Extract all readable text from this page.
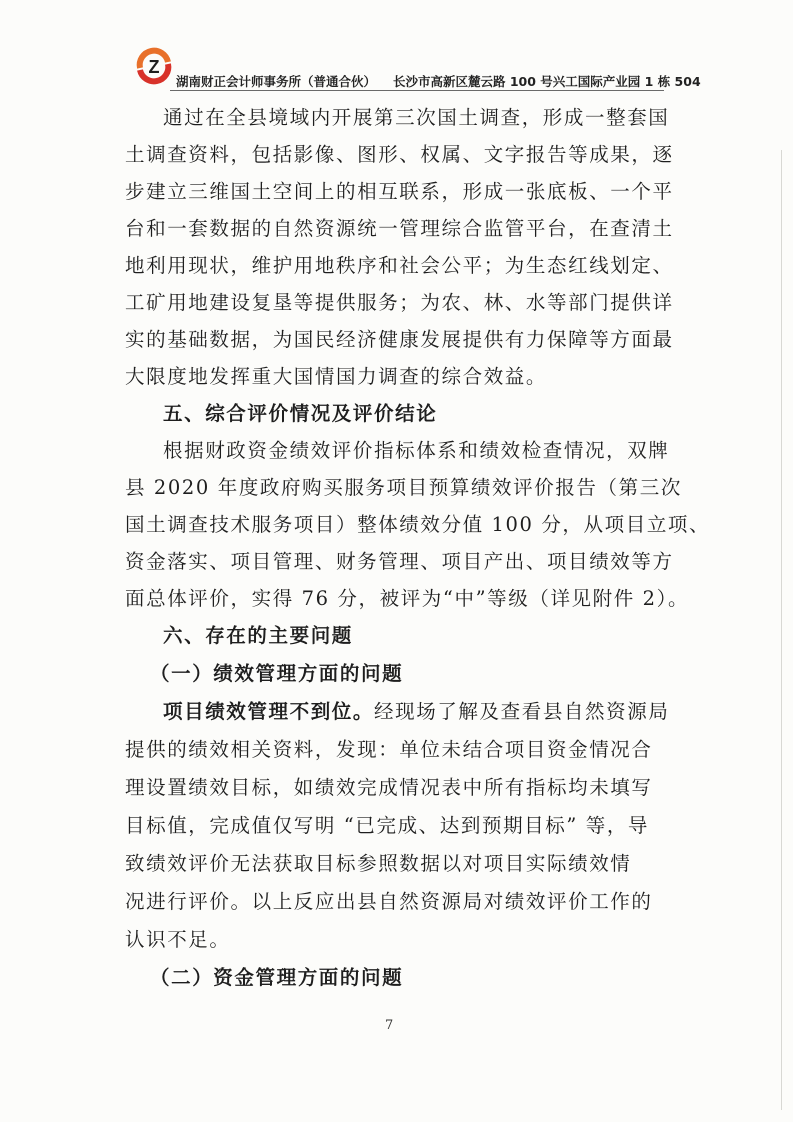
Z
湖南财正会计师事务所（普通合伙） 长沙市高新区麓云路 100 号兴工国际产业园 1 栋 504
通过在全县境域内开展第三次国土调查，形成一整套国
土调查资料，包括影像、图形、权属、文字报告等成果，逐
步建立三维国土空间上的相互联系，形成一张底板、一个平
台和一套数据的自然资源统一管理综合监管平台，在查清土
地利用现状，维护用地秩序和社会公平；为生态红线划定、
工矿用地建设复垦等提供服务；为农、林、水等部门提供详
实的基础数据，为国民经济健康发展提供有力保障等方面最
大限度地发挥重大国情国力调查的综合效益。
五、综合评价情况及评价结论
根据财政资金绩效评价指标体系和绩效检查情况，双牌
县 2020 年度政府购买服务项目预算绩效评价报告（第三次
国土调查技术服务项目）整体绩效分值 100 分，从项目立项、
资金落实、项目管理、财务管理、项目产出、项目绩效等方
面总体评价，实得 76 分，被评为“中”等级（详见附件 2）。
六、存在的主要问题
（一）绩效管理方面的问题
项目绩效管理不到位。经现场了解及查看县自然资源局
提供的绩效相关资料，发现：单位未结合项目资金情况合
理设置绩效目标，如绩效完成情况表中所有指标均未填写
目标值，完成值仅写明 “已完成、达到预期目标” 等，导
致绩效评价无法获取目标参照数据以对项目实际绩效情
况进行评价。以上反应出县自然资源局对绩效评价工作的
认识不足。
（二）资金管理方面的问题
7
